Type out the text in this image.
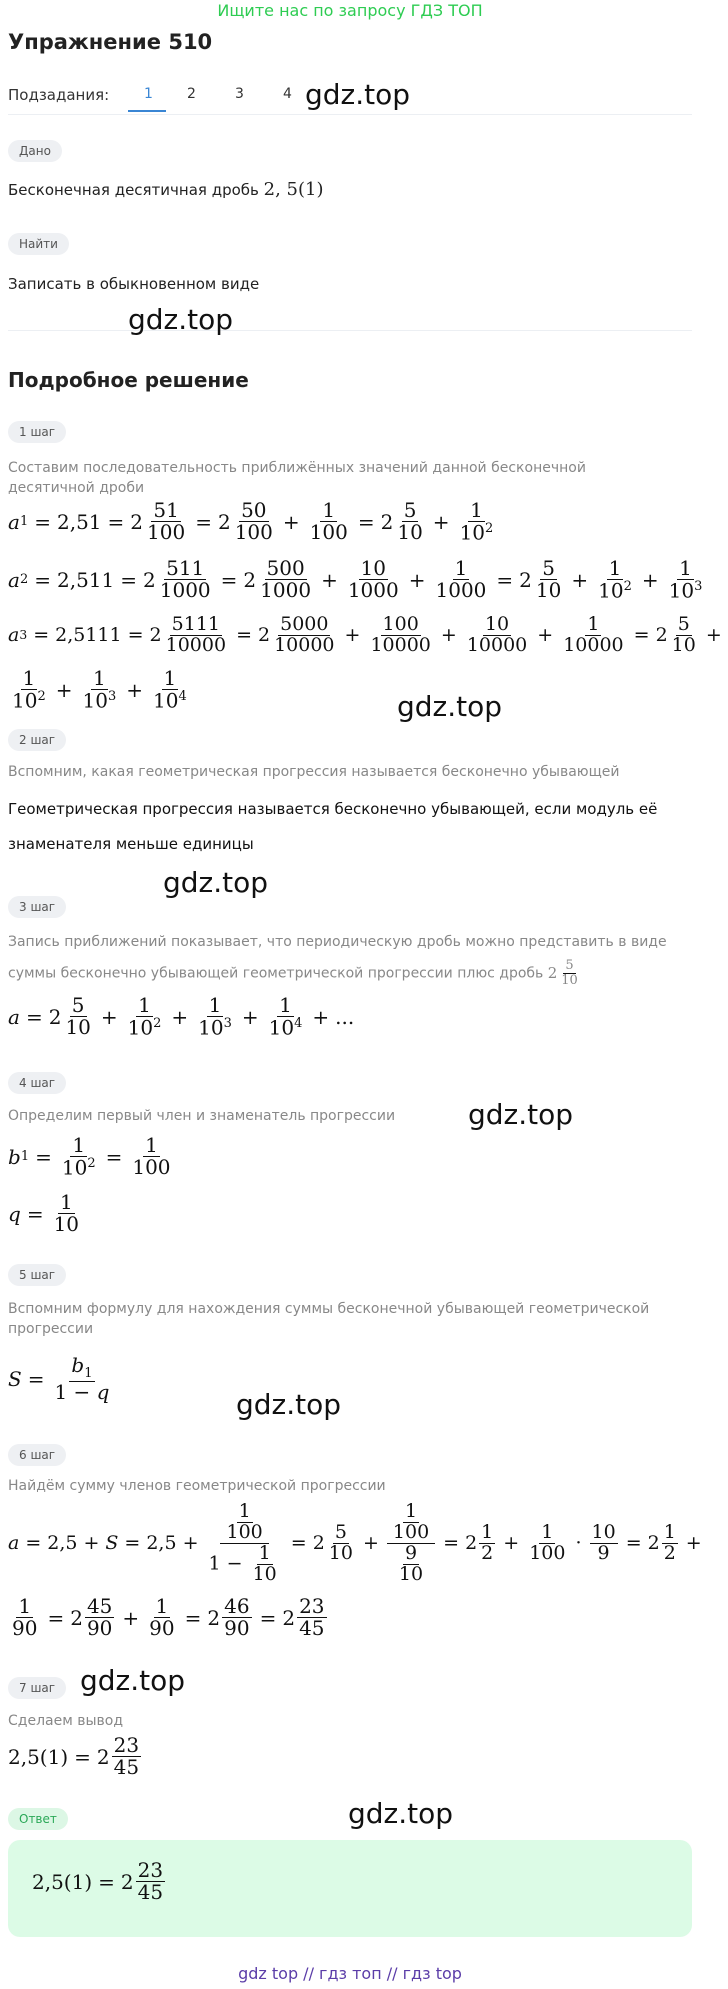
Ищите нас по запросу ГДЗ ТОП
Упражнение 510
Подзадания: 1 2	3	4 gdz.top
Дано
Бесконечная десятичная дробь 2, 5(1)
Найти
Записать в обыкновенном виде
gdz.top
Подробное решение
1 шаг
Составим последовательность приближённых значений данной бесконечной десятичной дроби
a $1 = 2,51 = 2 \frac{51}{100} = 2 \frac{50}{100} + \frac{1}{100} = 2 \frac{5}{10} + \frac{1}{10^2}$
a $2 = 2,511 = 2 \frac{511}{1000} = 2 \frac{500}{1000} + \frac{10}{1000} + \frac{1}{1000} = 2 \frac{5}{10} + \frac{1}{10^2} + \frac{1}{10^3}$
a $3 = 2,5111 = 2 \frac{5111}{10000} = 2 \frac{5000}{10000} + \frac{100}{10000} + \frac{10}{10000} + \frac{1}{10000} = 2 \frac{5}{10}$ +
1
$10^2 + \frac{1}{10^3} + \frac{1}{10^4}$	gdz.top
2 шаг
Вспомним, какая геометрическая прогрессия называется бесконечно убывающей
Геометрическая прогрессия называется бесконечно убывающей, если модуль её знаменателя меньше единицы
gdz.top
3 шаг
Запись приближений показывает, что периодическую дробь можно представить в виде суммы бесконечно убывающей геометрической прогрессии плюс дробь 2 5
10
$a = 2 \frac{5}{10} + \frac{1}{10^2} + \frac{1}{10^3} + \frac{1}{10^4}$ + ...
4 шаг
Определим первый член и знаменатель прогрессии	gdz.top
b $1 = \frac{1}{10^2} = \frac{1}{100}$
$q = \frac{1}{10}$
5 шаг
Вспомним формулу для нахождения суммы бесконечной убывающей геометрической прогрессии
$S = \frac{b_1}{1 - q}$
gdz.top
6 шаг
Найдём сумму членов геометрической прогрессии
$a = 2,5 + S = 2,5 + \frac{\frac{1}{100}}{1 - \frac{1}{10}} = 2 \frac{5}{10} + \frac{\frac{1}{100}}{\frac{9}{10}} = 2 \frac{1}{2} + \frac{1}{100} \cdot \frac{10}{9} = 2 \frac{1}{2}$ +
$\frac{1}{90} = 2 \frac{45}{90} + \frac{1}{90} = 2 \frac{46}{90} = 2 \frac{23}{45}$
7 шаг gdz.top
Сделаем вывод
$2,5(1) = 2 \frac{23}{45}$
Ответ	gdz.top
$2,5(1) = 2 \frac{23}{45}$
gdz top // гдз топ // гдз top
